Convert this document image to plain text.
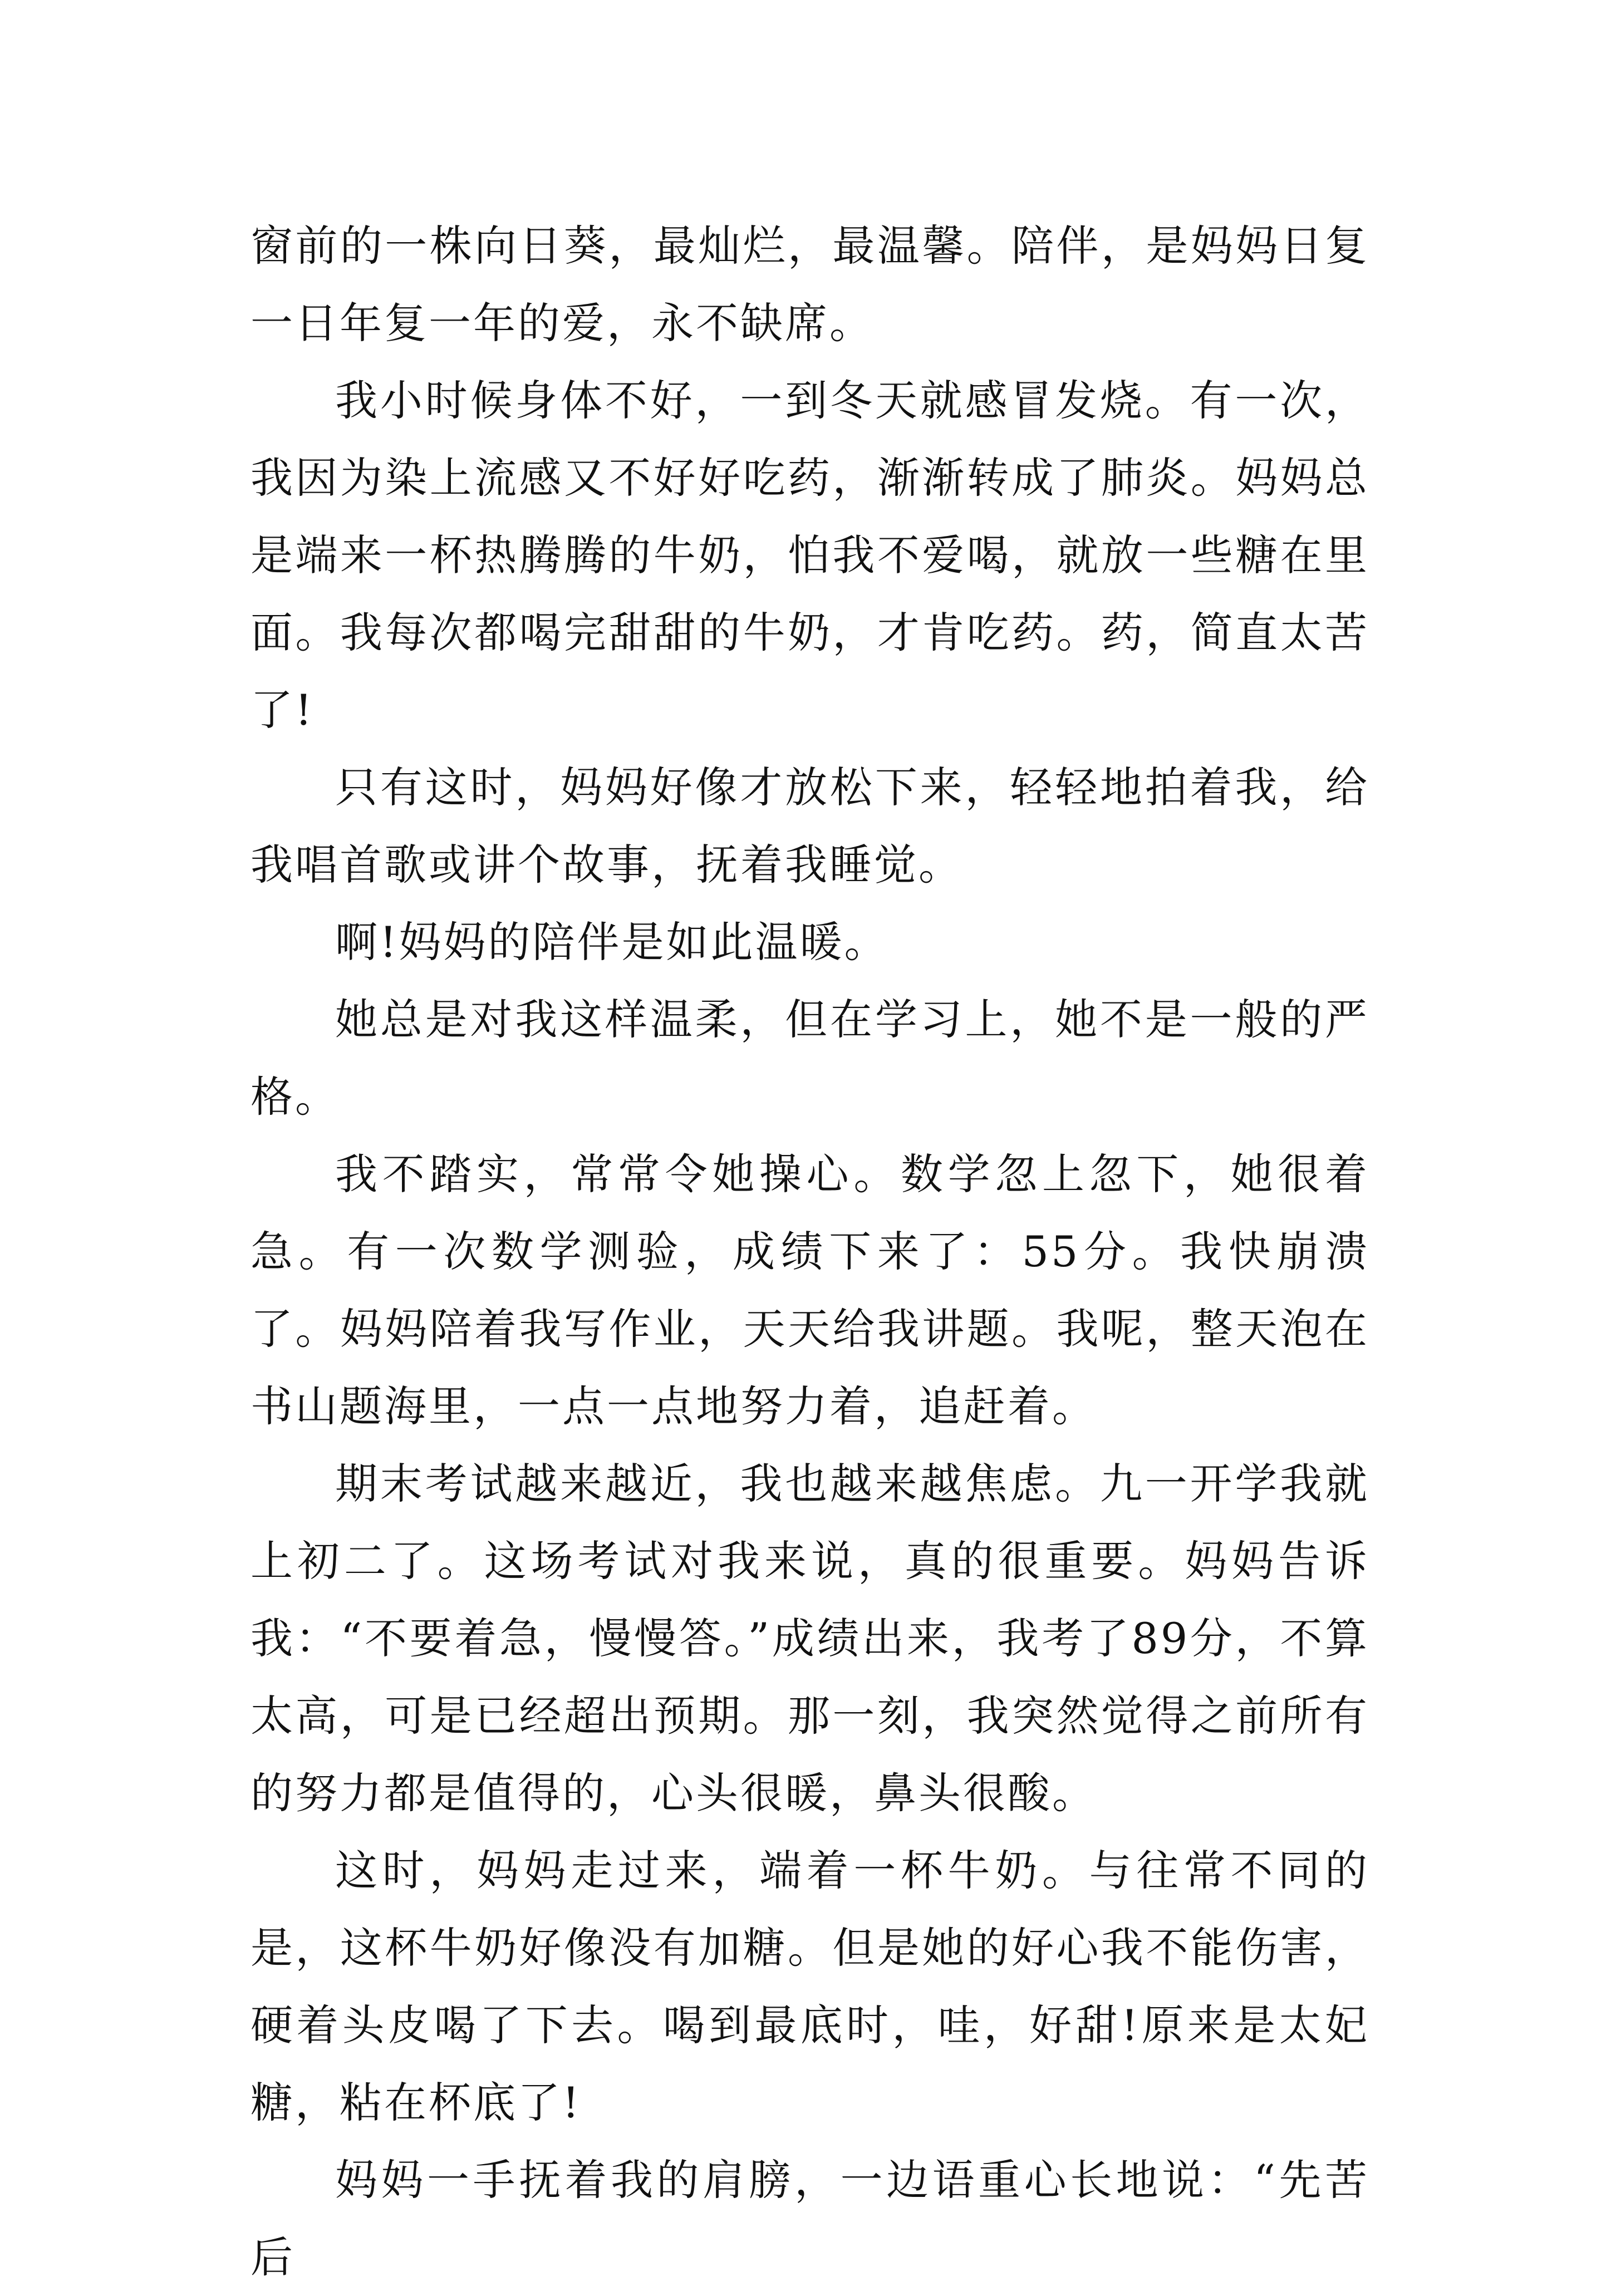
窗前的一株向日葵，最灿烂，最温馨。陪伴，是妈妈日复一日年复一年的爱，永不缺席。

我小时候身体不好，一到冬天就感冒发烧。有一次，我因为染上流感又不好好吃药，渐渐转成了肺炎。妈妈总是端来一杯热腾腾的牛奶，怕我不爱喝，就放一些糖在里面。我每次都喝完甜甜的牛奶，才肯吃药。药，简直太苦了!

只有这时，妈妈好像才放松下来，轻轻地拍着我，给我唱首歌或讲个故事，抚着我睡觉。

啊!妈妈的陪伴是如此温暖。

她总是对我这样温柔，但在学习上，她不是一般的严格。

我不踏实，常常令她操心。数学忽上忽下，她很着急。有一次数学测验，成绩下来了：55分。我快崩溃了。妈妈陪着我写作业，天天给我讲题。我呢，整天泡在书山题海里，一点一点地努力着，追赶着。

期末考试越来越近，我也越来越焦虑。九一开学我就上初二了。这场考试对我来说，真的很重要。妈妈告诉我：“不要着急，慢慢答。”成绩出来，我考了89分，不算太高，可是已经超出预期。那一刻，我突然觉得之前所有的努力都是值得的，心头很暖，鼻头很酸。

这时，妈妈走过来，端着一杯牛奶。与往常不同的是，这杯牛奶好像没有加糖。但是她的好心我不能伤害，硬着头皮喝了下去。喝到最底时，哇，好甜!原来是太妃糖，粘在杯底了!

妈妈一手抚着我的肩膀，一边语重心长地说：“先苦后
